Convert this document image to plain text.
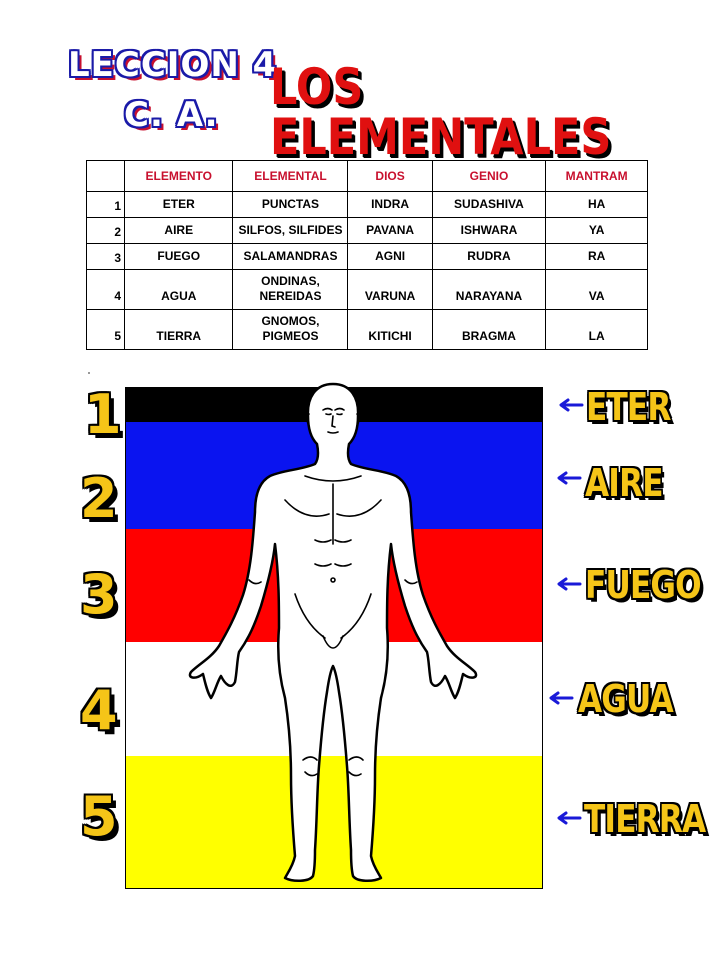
LECCION 4
C. A. LOS ELEMENTALES
	ELEMENTO	ELEMENTAL	DIOS	GENIO	MANTRAM
1	ETER	PUNCTAS	INDRA	SUDASHIVA	HA
2	AIRE	SILFOS, SILFIDES	PAVANA	ISHWARA	YA
3	FUEGO	SALAMANDRAS	AGNI	RUDRA	RA
4	AGUA	ONDINAS, NEREIDAS	VARUNA	NARAYANA	VA
5	TIERRA	GNOMOS, PIGMEOS	KITICHI	BRAGMA	LA
1
2
3
4
5
ETER
AIRE
FUEGO
AGUA
TIERRA
